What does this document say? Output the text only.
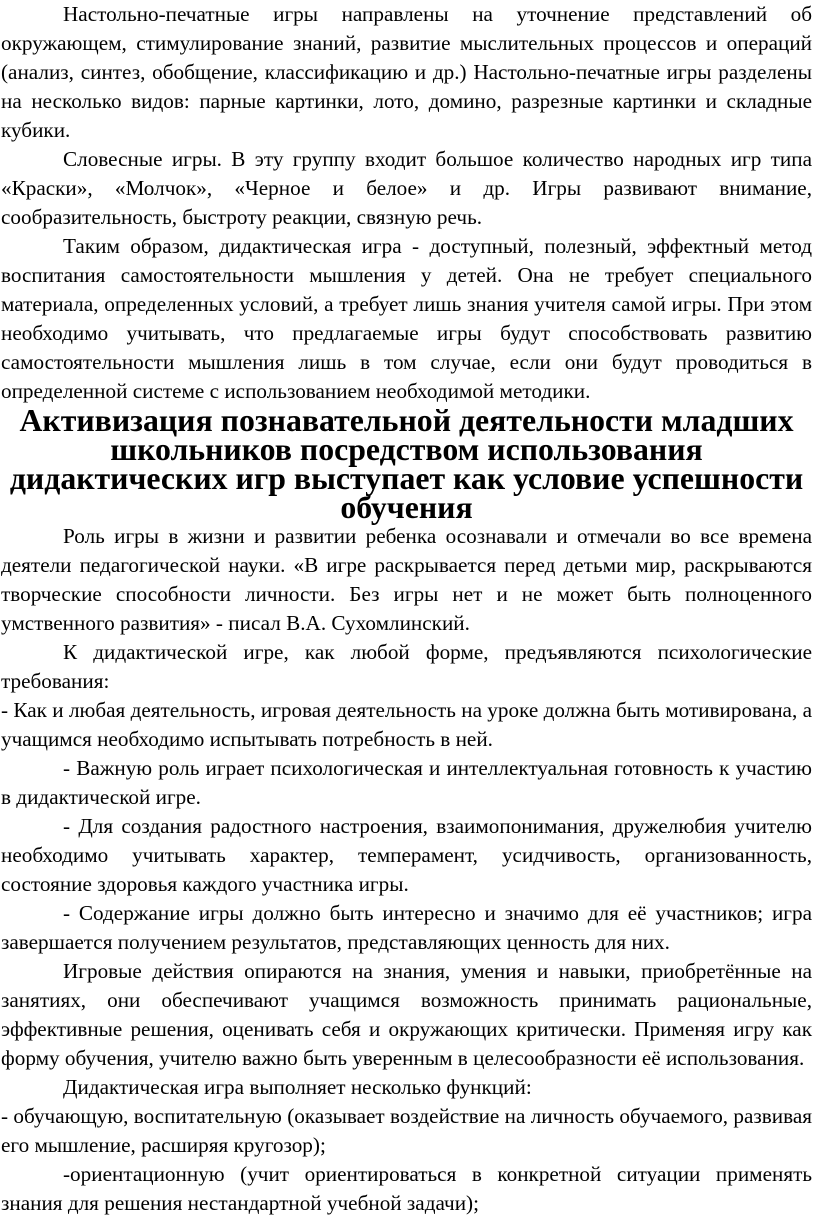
Настольно-печатные игры направлены на уточнение представлений об окружающем, стимулирование знаний, развитие мыслительных процессов и операций (анализ, синтез, обобщение, классификацию и др.) Настольно-печатные игры разделены на несколько видов: парные картинки, лото, домино, разрезные картинки и складные кубики.

Словесные игры. В эту группу входит большое количество народных игр типа «Краски», «Молчок», «Черное и белое» и др. Игры развивают внимание, сообразительность, быстроту реакции, связную речь.

Таким образом, дидактическая игра - доступный, полезный, эффектный метод воспитания самостоятельности мышления у детей. Она не требует специального материала, определенных условий, а требует лишь знания учителя самой игры. При этом необходимо учитывать, что предлагаемые игры будут способствовать развитию самостоятельности мышления лишь в том случае, если они будут проводиться в определенной системе с использованием необходимой методики.

Активизация познавательной деятельности младших школьников посредством использования дидактических игр выступает как условие успешности обучения

Роль игры в жизни и развитии ребенка осознавали и отмечали во все времена деятели педагогической науки. «В игре раскрывается перед детьми мир, раскрываются творческие способности личности. Без игры нет и не может быть полноценного умственного развития» - писал В.А. Сухомлинский.

К дидактической игре, как любой форме, предъявляются психологические требования:

- Как и любая деятельность, игровая деятельность на уроке должна быть мотивирована, а учащимся необходимо испытывать потребность в ней.

- Важную роль играет психологическая и интеллектуальная готовность к участию в дидактической игре.

- Для создания радостного настроения, взаимопонимания, дружелюбия учителю необходимо учитывать характер, темперамент, усидчивость, организованность, состояние здоровья каждого участника игры.

- Содержание игры должно быть интересно и значимо для её участников; игра завершается получением результатов, представляющих ценность для них.

Игровые действия опираются на знания, умения и навыки, приобретённые на занятиях, они обеспечивают учащимся возможность принимать рациональные, эффективные решения, оценивать себя и окружающих критически. Применяя игру как форму обучения, учителю важно быть уверенным в целесообразности её использования.

Дидактическая игра выполняет несколько функций:

- обучающую, воспитательную (оказывает воздействие на личность обучаемого, развивая его мышление, расширяя кругозор);

-ориентационную (учит ориентироваться в конкретной ситуации применять знания для решения нестандартной учебной задачи);
